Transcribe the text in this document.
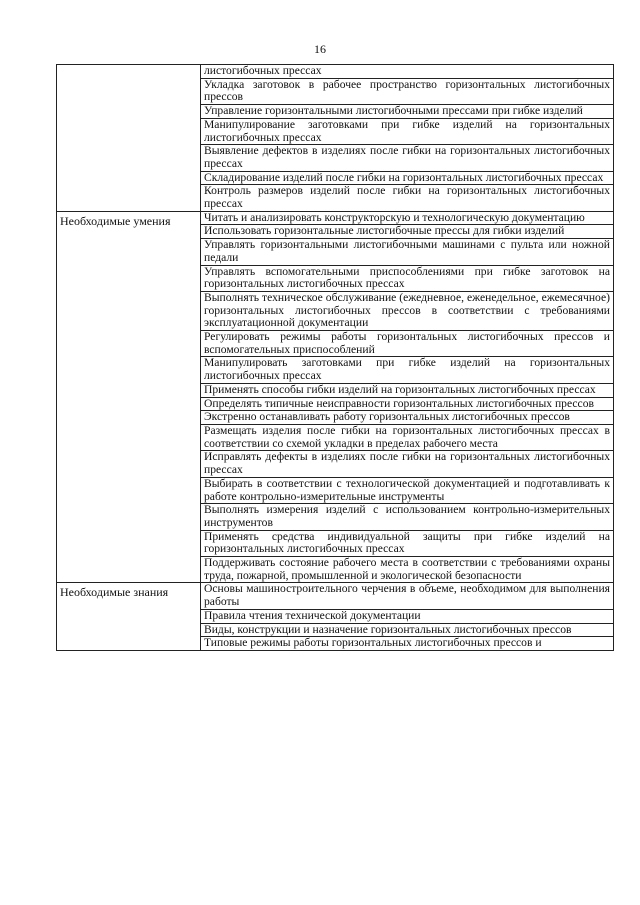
16
	листогибочных прессах
	Укладка заготовок в рабочее пространство горизонтальных листогибочных прессов
	Управление горизонтальными листогибочными прессами при гибке изделий
	Манипулирование заготовками при гибке изделий на горизонтальных листогибочных прессах
	Выявление дефектов в изделиях после гибки на горизонтальных листогибочных прессах
	Складирование изделий после гибки на горизонтальных листогибочных прессах
	Контроль размеров изделий после гибки на горизонтальных листогибочных прессах

Необходимые умения	Читать и анализировать конструкторскую и технологическую документацию
	Использовать горизонтальные листогибочные прессы для гибки изделий
	Управлять горизонтальными листогибочными машинами с пульта или ножной педали
	Управлять вспомогательными приспособлениями при гибке заготовок на горизонтальных листогибочных прессах
	Выполнять техническое обслуживание (ежедневное, еженедельное, ежемесячное) горизонтальных листогибочных прессов в соответствии с требованиями эксплуатационной документации
	Регулировать режимы работы горизонтальных листогибочных прессов и вспомогательных приспособлений
	Манипулировать заготовками при гибке изделий на горизонтальных листогибочных прессах
	Применять способы гибки изделий на горизонтальных листогибочных прессах
	Определять типичные неисправности горизонтальных листогибочных прессов
	Экстренно останавливать работу горизонтальных листогибочных прессов
	Размещать изделия после гибки на горизонтальных листогибочных прессах в соответствии со схемой укладки в пределах рабочего места
	Исправлять дефекты в изделиях после гибки на горизонтальных листогибочных прессах
	Выбирать в соответствии с технологической документацией и подготавливать к работе контрольно-измерительные инструменты
	Выполнять измерения изделий с использованием контрольно-измерительных инструментов
	Применять средства индивидуальной защиты при гибке изделий на горизонтальных листогибочных прессах
	Поддерживать состояние рабочего места в соответствии с требованиями охраны труда, пожарной, промышленной и экологической безопасности

Необходимые знания	Основы машиностроительного черчения в объеме, необходимом для выполнения работы
	Правила чтения технической документации
	Виды, конструкции и назначение горизонтальных листогибочных прессов
	Типовые режимы работы горизонтальных листогибочных прессов и
